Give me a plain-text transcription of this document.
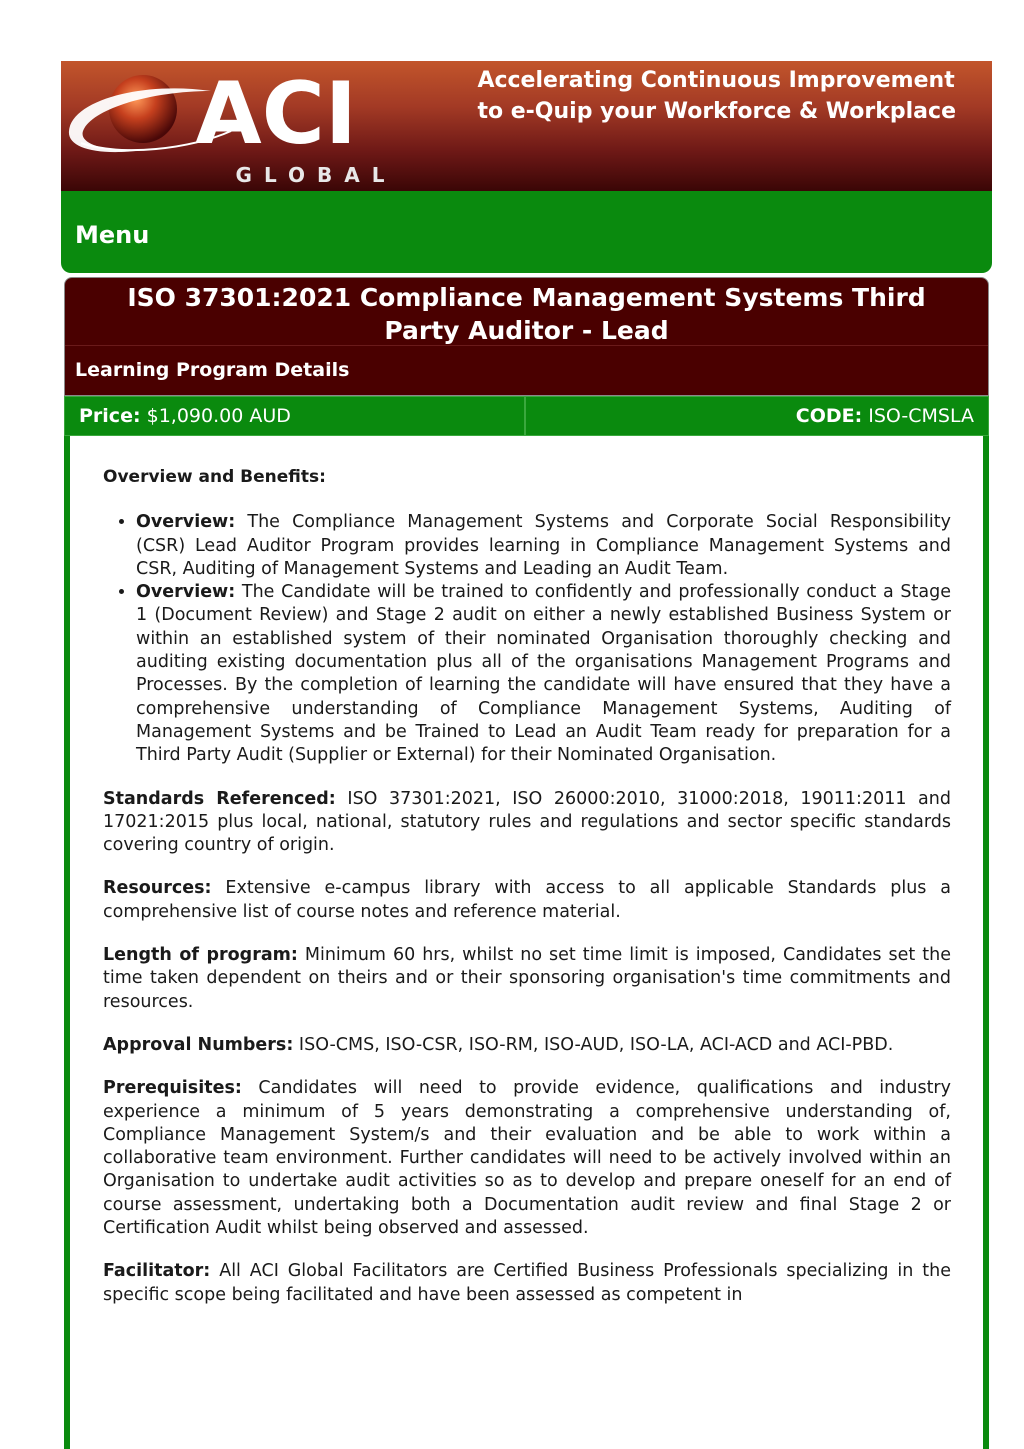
ACI
GLOBAL
Accelerating Continuous Improvement
to e-Quip your Workforce & Workplace
Menu
ISO 37301:2021 Compliance Management Systems Third Party Auditor - Lead
Learning Program Details
Price: $1,090.00 AUD	CODE: ISO-CMSLA

Overview and Benefits:

• Overview: The Compliance Management Systems and Corporate Social Responsibility (CSR) Lead Auditor Program provides learning in Compliance Management Systems and CSR, Auditing of Management Systems and Leading an Audit Team.
• Overview: The Candidate will be trained to confidently and professionally conduct a Stage 1 (Document Review) and Stage 2 audit on either a newly established Business System or within an established system of their nominated Organisation thoroughly checking and auditing existing documentation plus all of the organisations Management Programs and Processes. By the completion of learning the candidate will have ensured that they have a comprehensive understanding of Compliance Management Systems, Auditing of Management Systems and be Trained to Lead an Audit Team ready for preparation for a Third Party Audit (Supplier or External) for their Nominated Organisation.

Standards Referenced: ISO 37301:2021, ISO 26000:2010, 31000:2018, 19011:2011 and 17021:2015 plus local, national, statutory rules and regulations and sector specific standards covering country of origin.

Resources: Extensive e-campus library with access to all applicable Standards plus a comprehensive list of course notes and reference material.

Length of program: Minimum 60 hrs, whilst no set time limit is imposed, Candidates set the time taken dependent on theirs and or their sponsoring organisation's time commitments and resources.

Approval Numbers: ISO-CMS, ISO-CSR, ISO-RM, ISO-AUD, ISO-LA, ACI-ACD and ACI-PBD.

Prerequisites: Candidates will need to provide evidence, qualifications and industry experience a minimum of 5 years demonstrating a comprehensive understanding of, Compliance Management System/s and their evaluation and be able to work within a collaborative team environment. Further candidates will need to be actively involved within an Organisation to undertake audit activities so as to develop and prepare oneself for an end of course assessment, undertaking both a Documentation audit review and final Stage 2 or Certification Audit whilst being observed and assessed.

Facilitator: All ACI Global Facilitators are Certified Business Professionals specializing in the specific scope being facilitated and have been assessed as competent in
